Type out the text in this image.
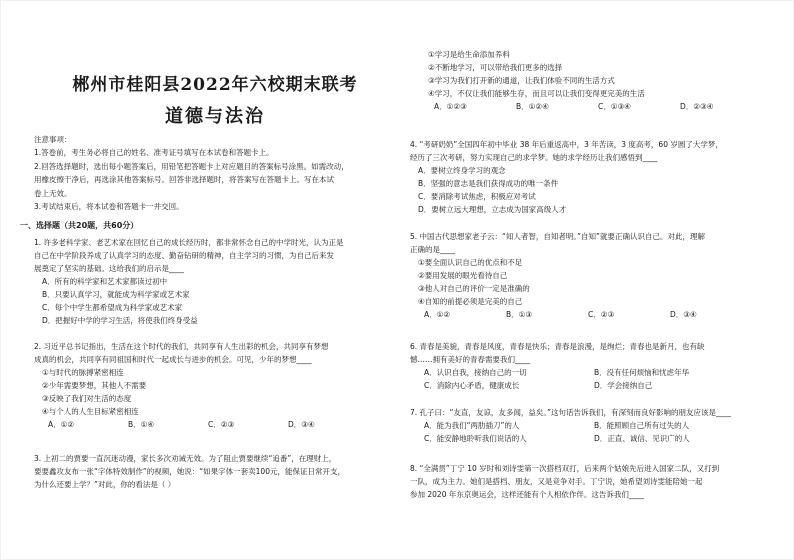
郴州市桂阳县2022年六校期末联考
道德与法治
注意事项：
1.答卷前，考生务必将自己的姓名、准考证号填写在本试卷和答题卡上。
2.回答选择题时，选出每小题答案后，用铅笔把答题卡上对应题目的答案标号涂黑。如需改动，
用橡皮擦干净后，再选涂其他答案标号。回答非选择题时，将答案写在答题卡上。写在本试
卷上无效。
3.考试结束后，将本试卷和答题卡一并交回。
一、选择题（共20题，共60分）
1. 许多老科学家、老艺术家在回忆自己的成长经历时，都非常怀念自己的中学时光，认为正是
自己在中学阶段养成了认真学习的态度、勤奋钻研的精神，自主学习的习惯，为自己后来发
展奠定了坚实的基础。这给我们的启示是____
A．所有的科学家和艺术家都读过初中
B．只要认真学习，就能成为科学家或艺术家
C．每个中学生都希望成为科学家或艺术家
D．把握好中学的学习生活，将使我们终身受益
2. 习近平总书记指出，生活在这个时代的我们，共同享有人生出彩的机会，共同享有梦想
成真的机会，共同享有同祖国和时代一起成长与进步的机会。可见，少年的梦想____
①与时代的脉搏紧密相连
②少年需要梦想，其他人不需要
③反映了我们对生活的态度
④与个人的人生目标紧密相连
A．①②	B．①④	C．②③	D．③④
3. 上初二的贾要一直沉迷动漫，家长多次劝诫无效。为了阻止贾要继续“追番”，在理财上，
要要鑫攻友布一张“字体特效制作”的视频，她说：“如果字体一套卖100元，能保证日常开支，
为什么还要上学？”对此，你的看法是（ ）
①学习是给生命添加养料
②不断地学习，可以带给我们更多的选择
③学习为我们打开新的通道，让我们体验不同的生活方式
④学习，不仅让我们能够生存，而且可以让我们变得更完美的生活
A．①②③	B．①②④	C．①③④	D．②③④
4. “考研奶奶”全国四年初中毕业 38 年后重返高中，3 年苦读，3 度高考，60 岁圆了大学梦，
经历了三次考研，努力实现自己的求学梦。她的求学经历让我们感悟到____
A．要树立终身学习的观念
B．坚强的意志是我们获得成功的唯一条件
C．要消除考试焦虑，积极应对考试
D．要树立远大理想，立志成为国家高级人才
5. 中国古代思想家老子云：“知人者智，自知者明。”自知”就要正确认识自己。对此，理解
正确的是____
①要全面认识自己的优点和不足
②要用发展的眼光看待自己
③他人对自己的评价一定是准确的
④自知的前提必须是完美的自己
A．①②	B．①③	C．②③	D．③④
6. 青春是美貌，青春是风度，青春是快乐；青春是浪漫，是绚烂；青春也是新月，也有缺
憾……拥有美好的青春需要我们____
A．认识自我，接纳自己的一切	B．没有任何烦恼和忧虑年华
C．消除内心矛盾，健康成长	D．学会接纳自己
7. 孔子曰：“友直，友谅，友多闻，益矣。”这句话告诉我们，有深刻而良好影响的朋友应该是____
A．能为我们“两肋插刀”的人	B．能照顾自己所有过失的人
C．能安静地聆听我们说话的人	D．正直、诚信、见识广的人
8. “全满贯”丁宁 10 岁时和刘诗雯第一次搭档双打，后来两个姑娘先后进入国家二队，又打到
一队，成为主力。她们是搭档、朋友，又是竞争对手。丁宁说，她希望刘诗雯能陪她一起
参加 2020 年东京奥运会，这样还能有个人相依作伴。这告诉我们____
